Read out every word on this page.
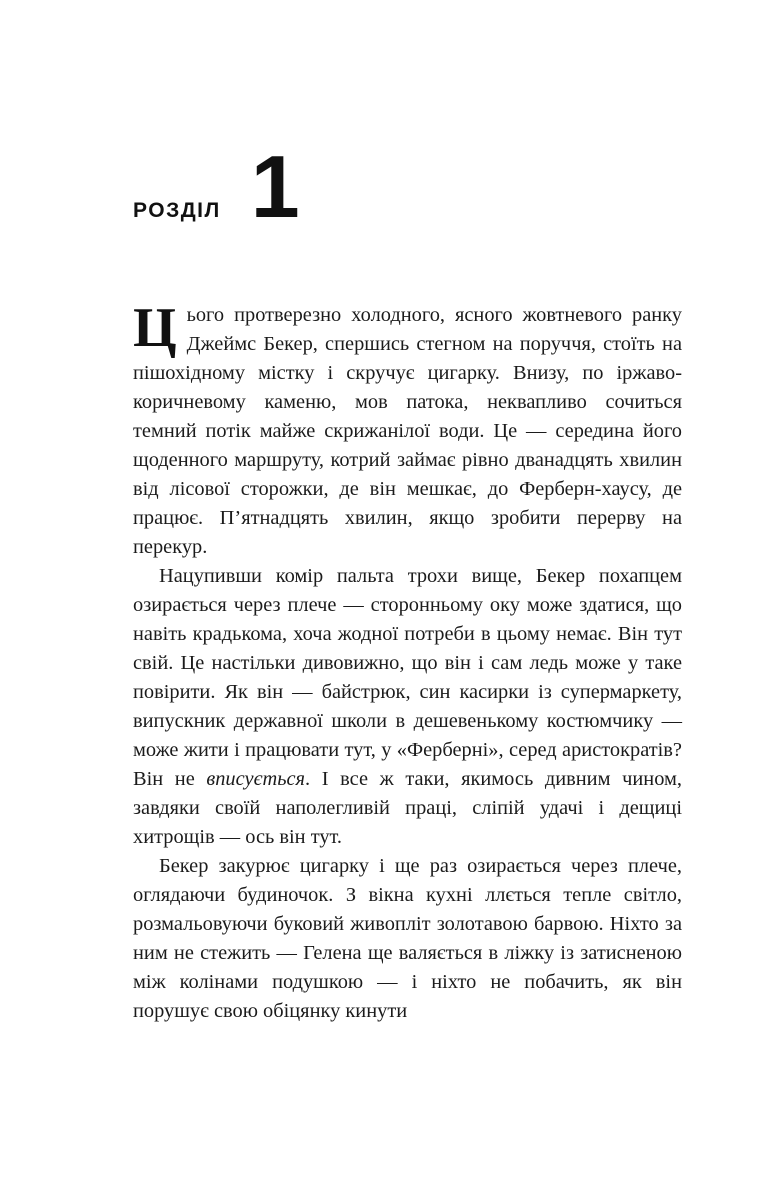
РОЗДІЛ 1

Цього протверезно холодного, ясного жовтневого ранку Джеймс Бекер, спершись стегном на поруччя, стоїть на пішохідному містку і скручує цигарку. Внизу, по іржаво-коричневому каменю, мов патока, неквапливо сочиться темний потік майже скрижанілої води. Це — середина його щоденного маршруту, котрий займає рівно дванадцять хвилин від лісової сторожки, де він мешкає, до Ферберн-хаусу, де працює. П’ятнадцять хвилин, якщо зробити перерву на перекур.

Нацупивши комір пальта трохи вище, Бекер похапцем озирається через плече — сторонньому оку може здатися, що навіть крадькома, хоча жодної потреби в цьому немає. Він тут свій. Це настільки дивовижно, що він і сам ледь може у таке повірити. Як він — байстрюк, син касирки із супермаркету, випускник державної школи в дешевенькому костюмчику — може жити і працювати тут, у «Ферберні», серед аристократів? Він не вписується. І все ж таки, якимось дивним чином, завдяки своїй наполегливій праці, сліпій удачі і дещиці хитрощів — ось він тут.

Бекер закурює цигарку і ще раз озирається через плече, оглядаючи будиночок. З вікна кухні ллється тепле світло, розмальовуючи буковий живопліт золотавою барвою. Ніхто за ним не стежить — Гелена ще валяється в ліжку із затисненою між колінами подушкою — і ніхто не побачить, як він порушує свою обіцянку кинути
